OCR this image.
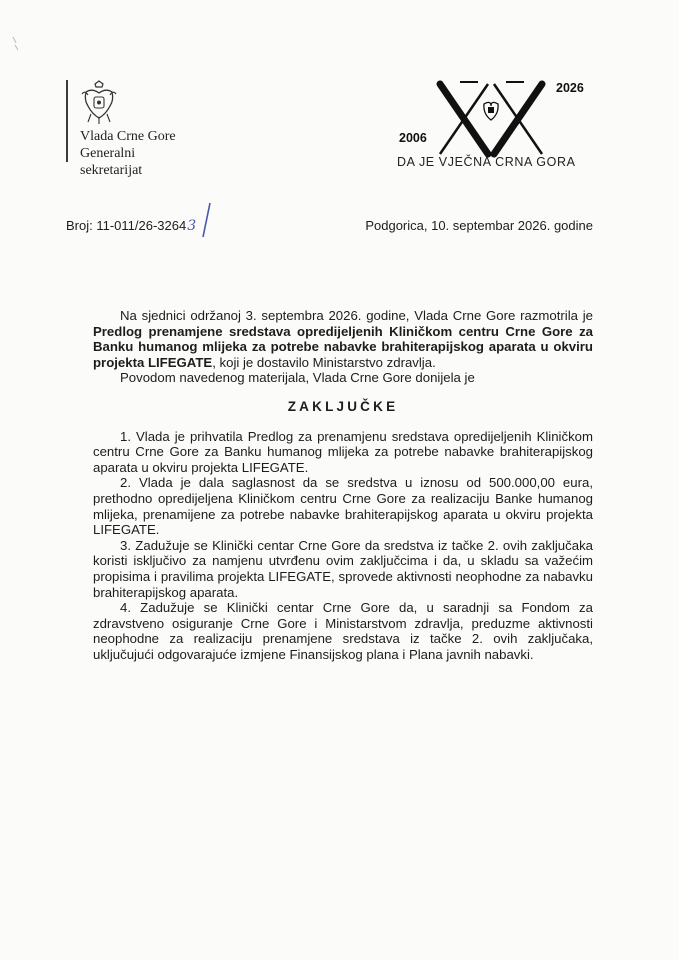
Vlada Crne Gore
Generalni
sekretarijat
2006
2026
DA JE VJEČNA CRNA GORA
Broj: 11-011/26-32643	Podgorica, 10. septembar 2026. godine

Na sjednici održanoj 3. septembra 2026. godine, Vlada Crne Gore razmotrila je Predlog prenamjene sredstava opredijeljenih Kliničkom centru Crne Gore za Banku humanog mlijeka za potrebe nabavke brahiterapijskog aparata u okviru projekta LIFEGATE, koji je dostavilo Ministarstvo zdravlja.

Povodom navedenog materijala, Vlada Crne Gore donijela je

ZAKLJUČKE

1. Vlada je prihvatila Predlog za prenamjenu sredstava opredijeljenih Kliničkom centru Crne Gore za Banku humanog mlijeka za potrebe nabavke brahiterapijskog aparata u okviru projekta LIFEGATE.

2. Vlada je dala saglasnost da se sredstva u iznosu od 500.000,00 eura, prethodno opredijeljena Kliničkom centru Crne Gore za realizaciju Banke humanog mlijeka, prenamijene za potrebe nabavke brahiterapijskog aparata u okviru projekta LIFEGATE.

3. Zadužuje se Klinički centar Crne Gore da sredstva iz tačke 2. ovih zaključaka koristi isključivo za namjenu utvrđenu ovim zaključcima i da, u skladu sa važećim propisima i pravilima projekta LIFEGATE, sprovede aktivnosti neophodne za nabavku brahiterapijskog aparata.

4. Zadužuje se Klinički centar Crne Gore da, u saradnji sa Fondom za zdravstveno osiguranje Crne Gore i Ministarstvom zdravlja, preduzme aktivnosti neophodne za realizaciju prenamjene sredstava iz tačke 2. ovih zaključaka, uključujući odgovarajuće izmjene Finansijskog plana i Plana javnih nabavki.
